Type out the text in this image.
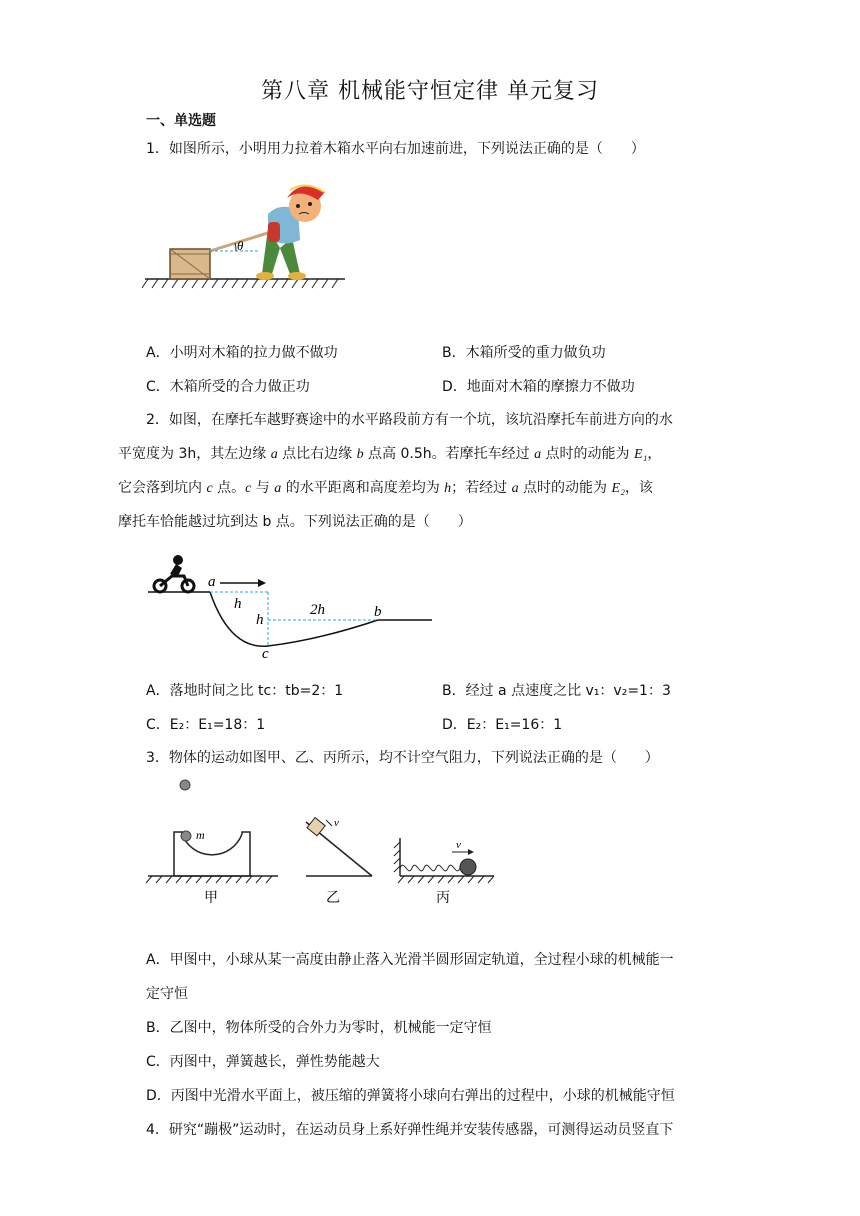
第八章 机械能守恒定律 单元复习
一、单选题
1．如图所示，小明用力拉着木箱水平向右加速前进，下列说法正确的是（　　）
θ
A．小明对木箱的拉力做不做功	B．木箱所受的重力做负功
C．木箱所受的合力做正功	D．地面对木箱的摩擦力不做功
2．如图，在摩托车越野赛途中的水平路段前方有一个坑，该坑沿摩托车前进方向的水
平宽度为 3h，其左边缘 a 点比右边缘 b 点高 0.5h。若摩托车经过 a 点时的动能为 E₁，
它会落到坑内 c 点。c 与 a 的水平距离和高度差均为 h；若经过 a 点时的动能为 E₂，该
摩托车恰能越过坑到达 b 点。下列说法正确的是（　　）
a
h
h
2h	b
c
A．落地时间之比 tc：tb=2：1	B．经过 a 点速度之比 v₁：v₂=1：3
C．E₂：E₁=18：1	D．E₂：E₁=16：1
3．物体的运动如图甲、乙、丙所示，均不计空气阻力，下列说法正确的是（　　）
m
甲
v
乙
v
丙
A．甲图中，小球从某一高度由静止落入光滑半圆形固定轨道，全过程小球的机械能一
定守恒
B．乙图中，物体所受的合外力为零时，机械能一定守恒
C．丙图中，弹簧越长，弹性势能越大
D．丙图中光滑水平面上，被压缩的弹簧将小球向右弹出的过程中，小球的机械能守恒
4．研究“蹦极”运动时，在运动员身上系好弹性绳并安装传感器，可测得运动员竖直下
